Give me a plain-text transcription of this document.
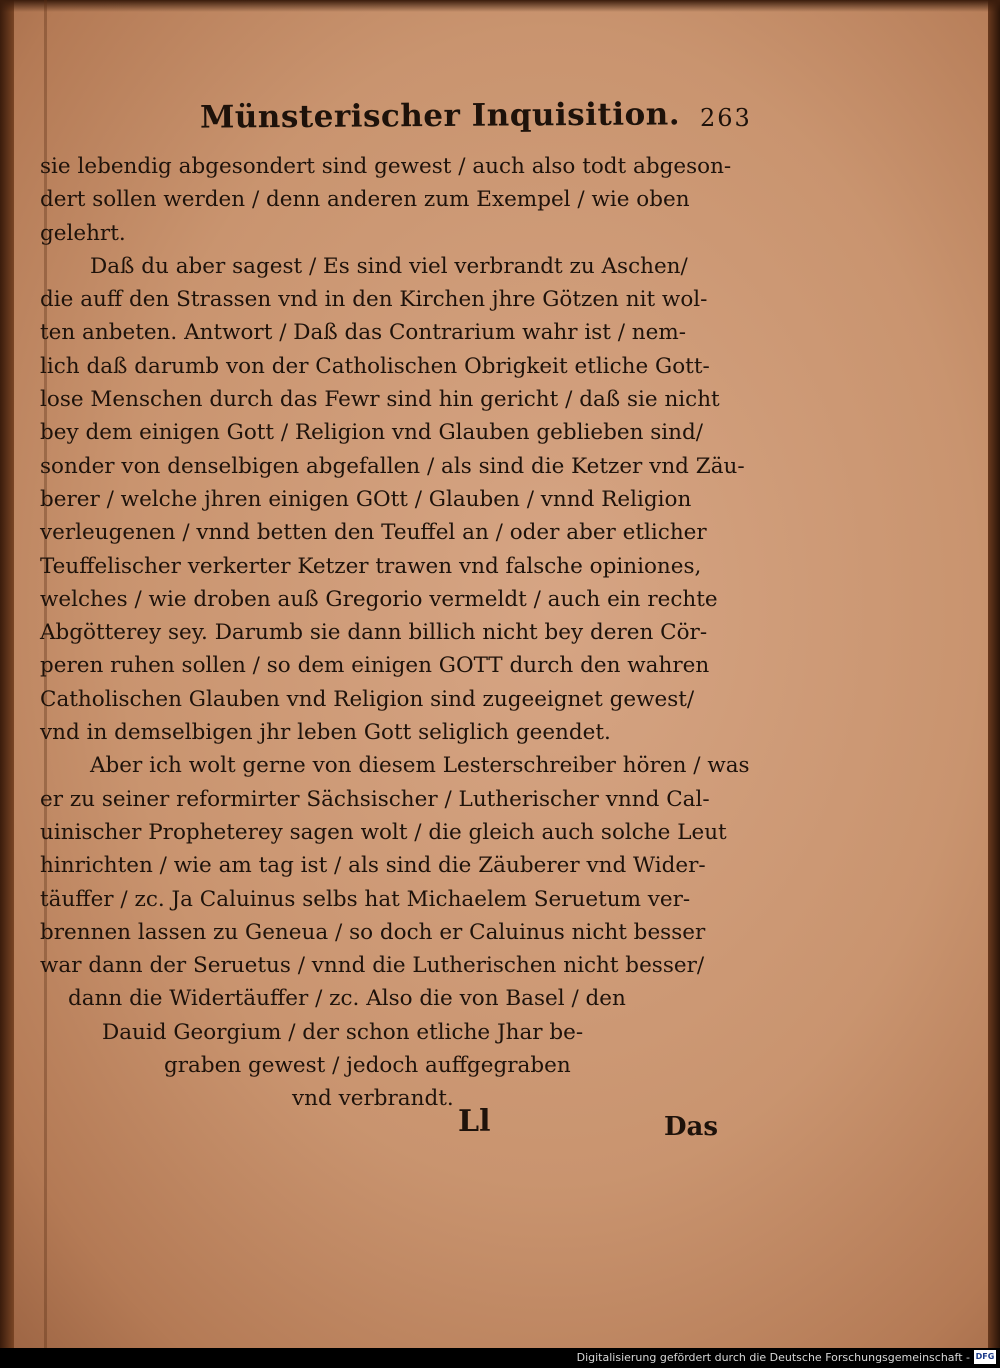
Münsterischer Inquisition. 263
sie lebendig abgesondert sind gewest / auch also todt abgeson-
dert sollen werden / denn anderen zum Exempel / wie oben
gelehrt.
Daß du aber sagest / Es sind viel verbrandt zu Aschen/
die auff den Strassen vnd in den Kirchen jhre Götzen nit wol-
ten anbeten. Antwort / Daß das Contrarium wahr ist / nem-
lich daß darumb von der Catholischen Obrigkeit etliche Gott-
lose Menschen durch das Fewr sind hin gericht / daß sie nicht
bey dem einigen Gott / Religion vnd Glauben geblieben sind/
sonder von denselbigen abgefallen / als sind die Ketzer vnd Zäu-
berer / welche jhren einigen GOtt / Glauben / vnnd Religion
verleugenen / vnnd betten den Teuffel an / oder aber etlicher
Teuffelischer verkerter Ketzer trawen vnd falsche opiniones,
welches / wie droben auß Gregorio vermeldt / auch ein rechte
Abgötterey sey. Darumb sie dann billich nicht bey deren Cör-
peren ruhen sollen / so dem einigen GOTT durch den wahren
Catholischen Glauben vnd Religion sind zugeeignet gewest/
vnd in demselbigen jhr leben Gott seliglich geendet.
Aber ich wolt gerne von diesem Lesterschreiber hören / was
er zu seiner reformirter Sächsischer / Lutherischer vnnd Cal-
uinischer Propheterey sagen wolt / die gleich auch solche Leut
hinrichten / wie am tag ist / als sind die Zäuberer vnd Wider-
täuffer / zc. Ja Caluinus selbs hat Michaelem Seruetum ver-
brennen lassen zu Geneua / so doch er Caluinus nicht besser
war dann der Seruetus / vnnd die Lutherischen nicht besser/
dann die Widertäuffer / zc. Also die von Basel / den
Dauid Georgium / der schon etliche Jhar be-
graben gewest / jedoch auffgegraben
vnd verbrandt.
Ll	Das
Digitalisierung gefördert durch die Deutsche Forschungsgemeinschaft - DFG
